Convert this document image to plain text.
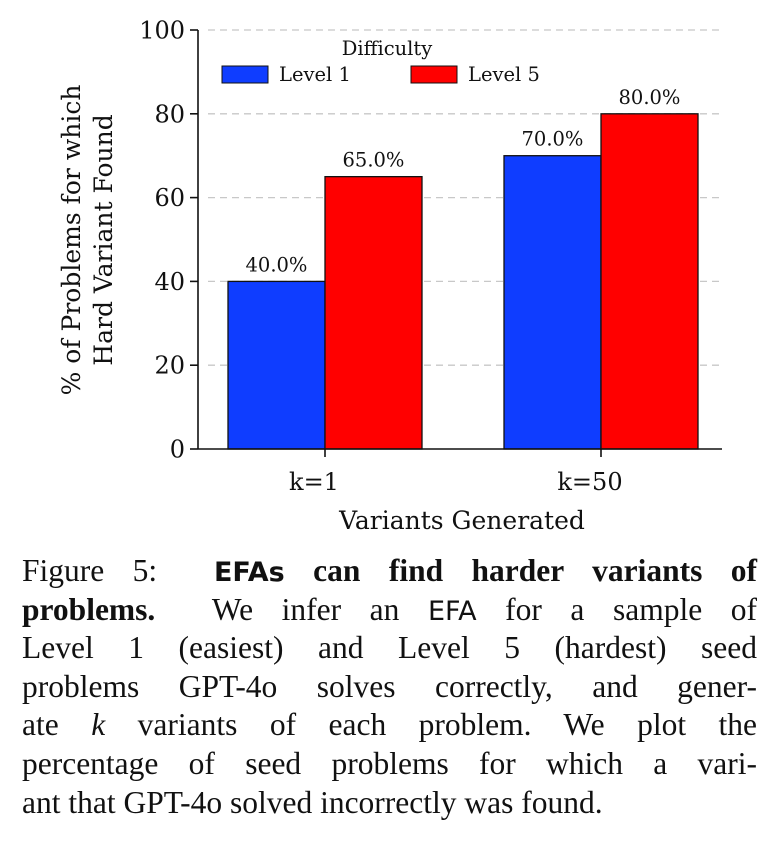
0
20
40
60
80
100
k=1	k=50
Variants Generated
% of Problems for which Hard Variant Found	40.0%
65.0%
70.0%
80.0%
Difficulty
Level 1	Level 5
Figure 5: EFAs can find harder variants of
problems. We infer an EFA for a sample of
Level 1 (easiest) and Level 5 (hardest) seed
problems GPT-4o solves correctly, and gener-
ate k variants of each problem. We plot the
percentage of seed problems for which a vari-
ant that GPT-4o solved incorrectly was found.
